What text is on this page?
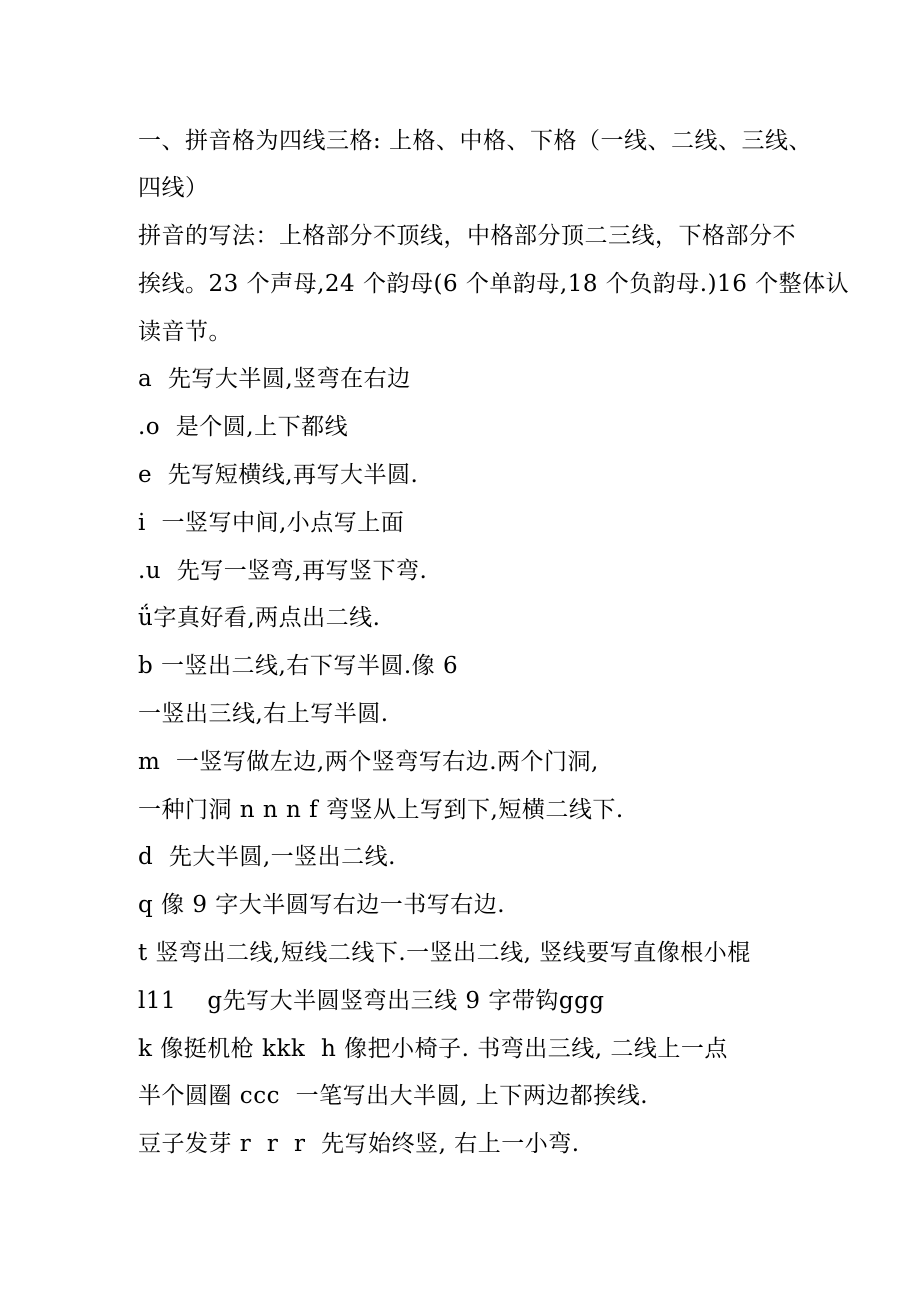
一、拼音格为四线三格: 上格、中格、下格（一线、二线、三线、
四线）
拼音的写法：上格部分不顶线，中格部分顶二三线，下格部分不
挨线。23 个声母,24 个韵母(6 个单韵母,18 个负韵母.)16 个整体认
读音节。
a  先写大半圆,竖弯在右边
.o  是个圆,上下都线
e  先写短横线,再写大半圆.
i  一竖写中间,小点写上面
.u  先写一竖弯,再写竖下弯.
ǘ字真好看,两点出二线.
b 一竖出二线,右下写半圆.像 6
一竖出三线,右上写半圆.
m  一竖写做左边,两个竖弯写右边.两个门洞,
一种门洞 n n n f 弯竖从上写到下,短横二线下.
d  先大半圆,一竖出二线.
q 像 9 字大半圆写右边一书写右边.
t 竖弯出二线,短线二线下.一竖出二线, 竖线要写直像根小棍
l11    g先写大半圆竖弯出三线 9 字带钩ggg
k 像挺机枪 kkk  h 像把小椅子. 书弯出三线, 二线上一点
半个圆圈 ccc  一笔写出大半圆, 上下两边都挨线.
豆子发芽 r  r  r  先写始终竖, 右上一小弯.
